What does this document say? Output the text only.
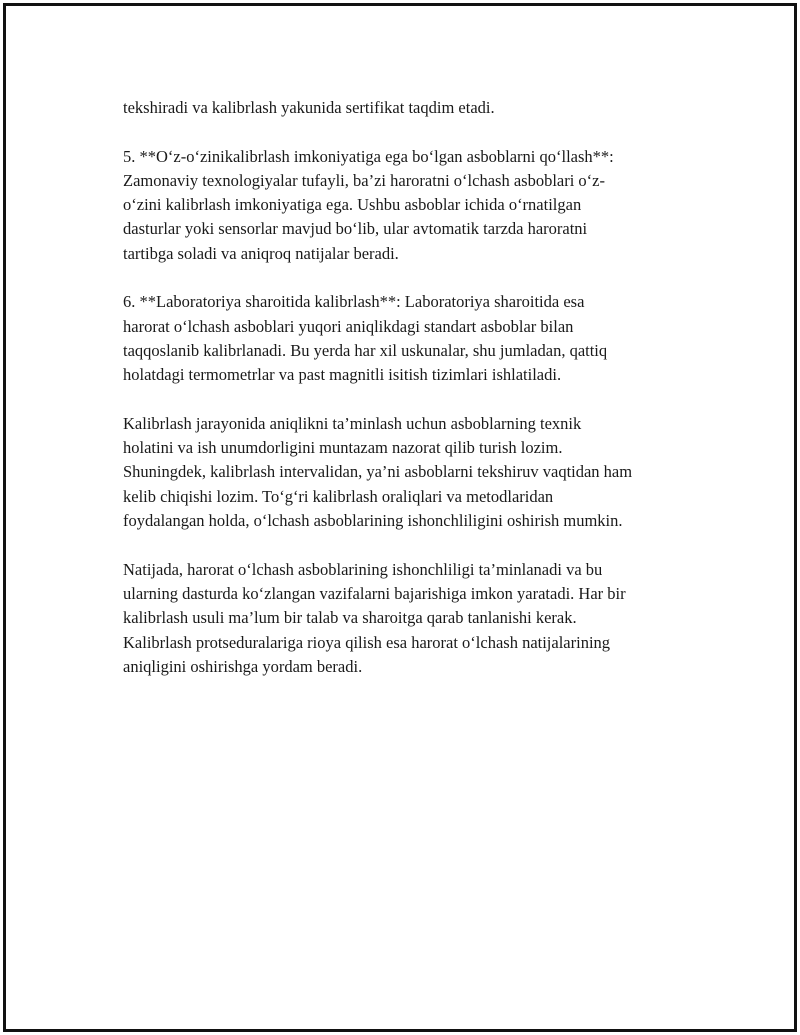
tekshiradi va kalibrlash yakunida sertifikat taqdim etadi.

5. **O‘z-o‘zinikalibrlash imkoniyatiga ega bo‘lgan asboblarni qo‘llash**:
Zamonaviy texnologiyalar tufayli, ba’zi haroratni o‘lchash asboblari o‘z-
o‘zini kalibrlash imkoniyatiga ega. Ushbu asboblar ichida o‘rnatilgan
dasturlar yoki sensorlar mavjud bo‘lib, ular avtomatik tarzda haroratni
tartibga soladi va aniqroq natijalar beradi.

6. **Laboratoriya sharoitida kalibrlash**: Laboratoriya sharoitida esa
harorat o‘lchash asboblari yuqori aniqlikdagi standart asboblar bilan
taqqoslanib kalibrlanadi. Bu yerda har xil uskunalar, shu jumladan, qattiq
holatdagi termometrlar va past magnitli isitish tizimlari ishlatiladi.

Kalibrlash jarayonida aniqlikni ta’minlash uchun asboblarning texnik
holatini va ish unumdorligini muntazam nazorat qilib turish lozim.
Shuningdek, kalibrlash intervalidan, ya’ni asboblarni tekshiruv vaqtidan ham
kelib chiqishi lozim. To‘g‘ri kalibrlash oraliqlari va metodlaridan
foydalangan holda, o‘lchash asboblarining ishonchliligini oshirish mumkin.

Natijada, harorat o‘lchash asboblarining ishonchliligi ta’minlanadi va bu
ularning dasturda ko‘zlangan vazifalarni bajarishiga imkon yaratadi. Har bir
kalibrlash usuli ma’lum bir talab va sharoitga qarab tanlanishi kerak.
Kalibrlash protseduralariga rioya qilish esa harorat o‘lchash natijalarining
aniqligini oshirishga yordam beradi.
